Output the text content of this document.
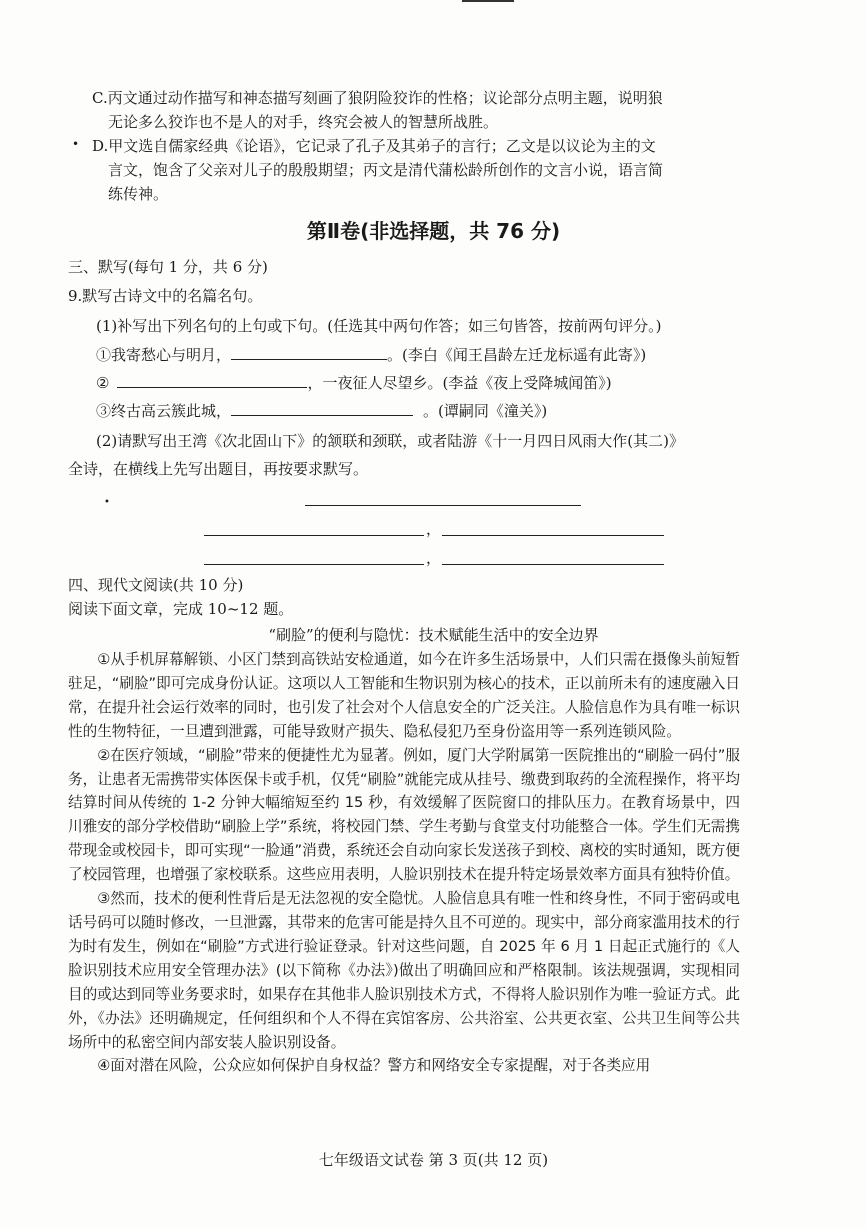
C.丙文通过动作描写和神态描写刻画了狼阴险狡诈的性格；议论部分点明主题，说明狼
无论多么狡诈也不是人的对手，终究会被人的智慧所战胜。
• D.甲文选自儒家经典《论语》，它记录了孔子及其弟子的言行；乙文是以议论为主的文
言文，饱含了父亲对儿子的殷殷期望；丙文是清代蒲松龄所创作的文言小说，语言简
练传神。
第Ⅱ卷(非选择题，共 76 分)
三、默写(每句 1 分，共 6 分)
9.默写古诗文中的名篇名句。
(1)补写出下列名句的上句或下句。(任选其中两句作答；如三句皆答，按前两句评分。)
①我寄愁心与明月，	。(李白《闻王昌龄左迁龙标遥有此寄》)
②	，一夜征人尽望乡。(李益《夜上受降城闻笛》)
③终古高云簇此城，	。(谭嗣同《潼关》)
(2)请默写出王湾《次北固山下》的颔联和颈联，或者陆游《十一月四日风雨大作(其二)》
全诗，在横线上先写出题目，再按要求默写。
•
，
，
四、现代文阅读(共 10 分)
阅读下面文章，完成 10~12 题。
“刷脸”的便利与隐忧：技术赋能生活中的安全边界

①从手机屏幕解锁、小区门禁到高铁站安检通道，如今在许多生活场景中，人们只需在摄像头前短暂驻足，“刷脸”即可完成身份认证。这项以人工智能和生物识别为核心的技术，正以前所未有的速度融入日常，在提升社会运行效率的同时，也引发了社会对个人信息安全的广泛关注。人脸信息作为具有唯一标识性的生物特征，一旦遭到泄露，可能导致财产损失、隐私侵犯乃至身份盗用等一系列连锁风险。

②在医疗领域，“刷脸”带来的便捷性尤为显著。例如，厦门大学附属第一医院推出的“刷脸一码付”服务，让患者无需携带实体医保卡或手机，仅凭“刷脸”就能完成从挂号、缴费到取药的全流程操作，将平均结算时间从传统的 1-2 分钟大幅缩短至约 15 秒，有效缓解了医院窗口的排队压力。在教育场景中，四川雅安的部分学校借助“刷脸上学”系统，将校园门禁、学生考勤与食堂支付功能整合一体。学生们无需携带现金或校园卡，即可实现“一脸通”消费，系统还会自动向家长发送孩子到校、离校的实时通知，既方便了校园管理，也增强了家校联系。这些应用表明，人脸识别技术在提升特定场景效率方面具有独特价值。

③然而，技术的便利性背后是无法忽视的安全隐忧。人脸信息具有唯一性和终身性，不同于密码或电话号码可以随时修改，一旦泄露，其带来的危害可能是持久且不可逆的。现实中，部分商家滥用技术的行为时有发生，例如在“刷脸”方式进行验证登录。针对这些问题，自 2025 年 6 月 1 日起正式施行的《人脸识别技术应用安全管理办法》(以下简称《办法》)做出了明确回应和严格限制。该法规强调，实现相同目的或达到同等业务要求时，如果存在其他非人脸识别技术方式，不得将人脸识别作为唯一验证方式。此外，《办法》还明确规定，任何组织和个人不得在宾馆客房、公共浴室、公共更衣室、公共卫生间等公共场所中的私密空间内部安装人脸识别设备。

④面对潜在风险，公众应如何保护自身权益？警方和网络安全专家提醒，对于各类应用

七年级语文试卷 第 3 页(共 12 页)
